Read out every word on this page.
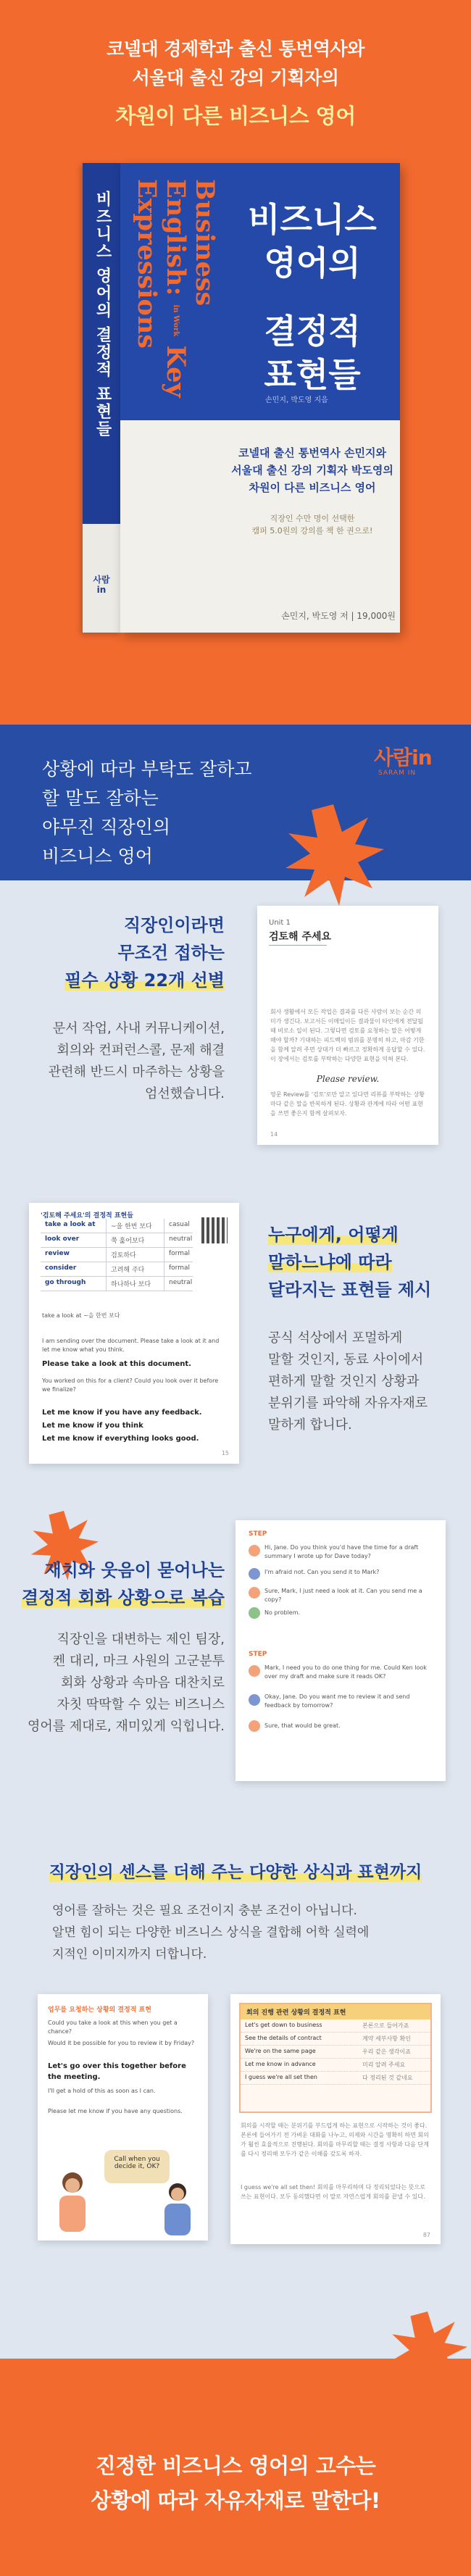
코넬대 경제학과 출신 통번역사와
서울대 출신 강의 기획자의
차원이 다른 비즈니스 영어
비즈니스 영어의 결정적 표현들
사람in
Business English: in Work Key Expressions	비즈니스
영어의
결정적
표현들
손민지, 박도영 지음
코넬대 출신 통번역사 손민지와
서울대 출신 강의 기획자 박도영의
차원이 다른 비즈니스 영어
직장인 수만 명이 선택한
캠퍼 5.0원의 강의를 책 한 권으로!
손민지, 박도영 저 | 19,000원
상황에 따라 부탁도 잘하고
할 말도 잘하는
야무진 직장인의
비즈니스 영어
사람in
SARAM IN
직장인이라면
무조건 접하는
필수 상황 22개 선별
문서 작업, 사내 커뮤니케이션,
회의와 컨퍼런스콜, 문제 해결
관련해 반드시 마주하는 상황을
엄선했습니다.
Unit 1
검토해 주세요
회사 생활에서 모든 작업은 결과를 다른 사람이 보는 순간 의미가 생긴다. 보고서든 이메일이든 결과물이 타인에게 전달될 때 비로소 일이 된다. 그렇다면 검토를 요청하는 말은 어떻게 해야 할까? 기대하는 피드백의 범위를 분명히 하고, 마감 기한을 함께 알려 주면 상대가 더 빠르고 정확하게 응답할 수 있다. 이 장에서는 검토를 부탁하는 다양한 표현을 익혀 본다.
Please review.
영문 Review를 '검토'로만 알고 있다면 리뷰를 부탁하는 상황마다 같은 말을 반복하게 된다. 상황과 관계에 따라 어떤 표현을 쓰면 좋은지 함께 살펴보자.
14
'검토해 주세요'의 결정적 표현들
take a look at	~을 한번 보다	casual
look over	쭉 훑어보다	neutral
review	검토하다	formal
consider	고려해 주다	formal
go through	하나하나 보다	neutral
take a look at ~을 한번 보다
I am sending over the document. Please take a look at it and let me know what you think.
Please take a look at this document.
You worked on this for a client? Could you look over it before we finalize?
Let me know if you have any feedback.
Let me know if you think
Let me know if everything looks good.
15
누구에게, 어떻게
말하느냐에 따라
달라지는 표현들 제시
공식 석상에서 포멀하게
말할 것인지, 동료 사이에서
편하게 말할 것인지 상황과
분위기를 파악해 자유자재로
말하게 합니다.
재치와 웃음이 묻어나는
결정적 회화 상황으로 복습
직장인을 대변하는 제인 팀장,
켄 대리, 마크 사원의 고군분투
회화 상황과 속마음 대찬치로
자칫 딱딱할 수 있는 비즈니스
영어를 제대로, 재미있게 익힙니다.
STEP
Hi, Jane. Do you think you'd have the time for a draft summary I wrote up for Dave today?
I'm afraid not. Can you send it to Mark?
Sure, Mark, I just need a look at it. Can you send me a copy?
No problem.
STEP
Mark, I need you to do one thing for me. Could Ken look over my draft and make sure it reads OK?
Okay, Jane. Do you want me to review it and send feedback by tomorrow?
Sure, that would be great.
직장인의 센스를 더해 주는 다양한 상식과 표현까지
영어를 잘하는 것은 필요 조건이지 충분 조건이 아닙니다.
알면 힘이 되는 다양한 비즈니스 상식을 결합해 어학 실력에
지적인 이미지까지 더합니다.
업무를 요청하는 상황의 결정적 표현
Could you take a look at this when you get a chance?
Would it be possible for you to review it by Friday?
Let's go over this together before the meeting.
I'll get a hold of this as soon as I can.
Please let me know if you have any questions.
Call when you decide it, OK?
회의 진행 관련 상황의 결정적 표현
Let's get down to business	본론으로 들어가죠
See the details of contract	계약 세부사항 확인
We're on the same page	우리 같은 생각이죠
Let me know in advance	미리 알려 주세요
I guess we're all set then	다 정리된 것 같네요
회의를 시작할 때는 분위기를 부드럽게 하는 표현으로 시작하는 것이 좋다. 본론에 들어가기 전 가벼운 대화를 나누고, 의제와 시간을 명확히 하면 회의가 훨씬 효율적으로 진행된다. 회의를 마무리할 때는 결정 사항과 다음 단계를 다시 정리해 모두가 같은 이해를 갖도록 하자.
I guess we're all set then! 회의를 마무리하며 다 정리되었다는 뜻으로 쓰는 표현이다. 모두 동의했다면 이 말로 자연스럽게 회의를 끝낼 수 있다.
87
진정한 비즈니스 영어의 고수는
상황에 따라 자유자재로 말한다!
